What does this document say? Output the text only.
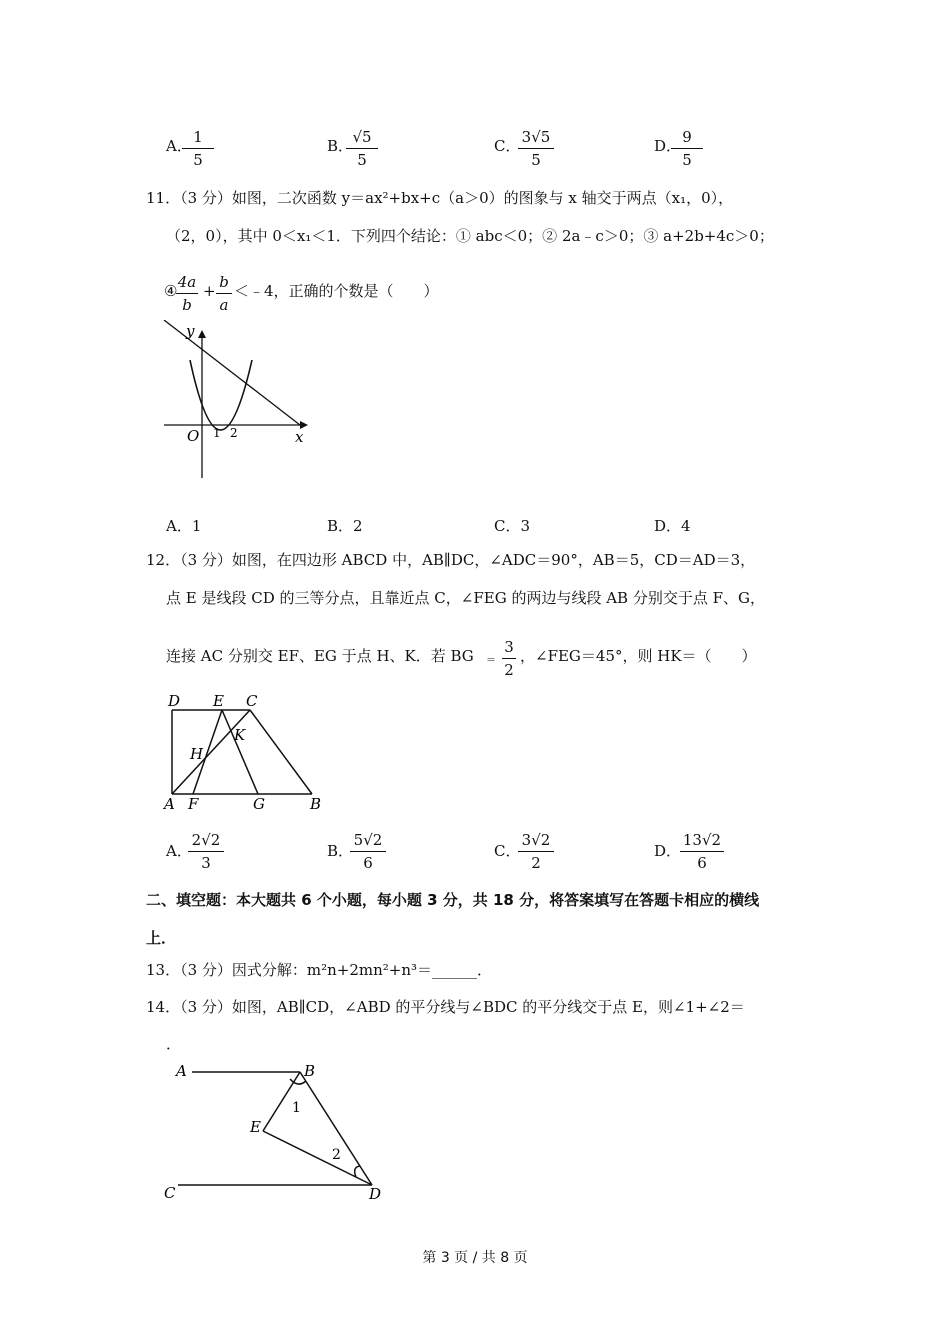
A． 1
5
B． √5
5
C． 3√5
5
D． 9
5
11．（3 分）如图，二次函数 y＝ax²+bx+c（a＞0）的图象与 x 轴交于两点（x₁，0），
（2，0），其中 0＜x₁＜1．下列四个结论：① abc＜0；② 2a﹣c＞0；③ a+2b+4c＞0；
④ 4a
b
+ b
a
＜﹣4，正确的个数是（　　）
y
x
O 1 2
A．1	B．2	C．3	D．4
12．（3 分）如图，在四边形 ABCD 中，AB∥DC，∠ADC＝90°，AB＝5，CD＝AD＝3，
点 E 是线段 CD 的三等分点，且靠近点 C，∠FEG 的两边与线段 AB 分别交于点 F、G，
连接 AC 分别交 EF、EG 于点 H、K．若 BG ＝
3
2
，∠FEG＝45°，则 HK＝（　　）
D E C
H
K
A F	G	B
A．
2√2
3
B．
5√2
6
C．
3√2
2
D．
13√2
6
二、填空题：本大题共 6 个小题，每小题 3 分，共 18 分，将答案填写在答题卡相应的横线
上．
13．（3 分）因式分解：m²n+2mn²+n³＝______．
14．（3 分）如图，AB∥CD，∠ABD 的平分线与∠BDC 的平分线交于点 E，则∠1+∠2＝
．
A	B
E
C	D
1
2
第 3 页 / 共 8 页
